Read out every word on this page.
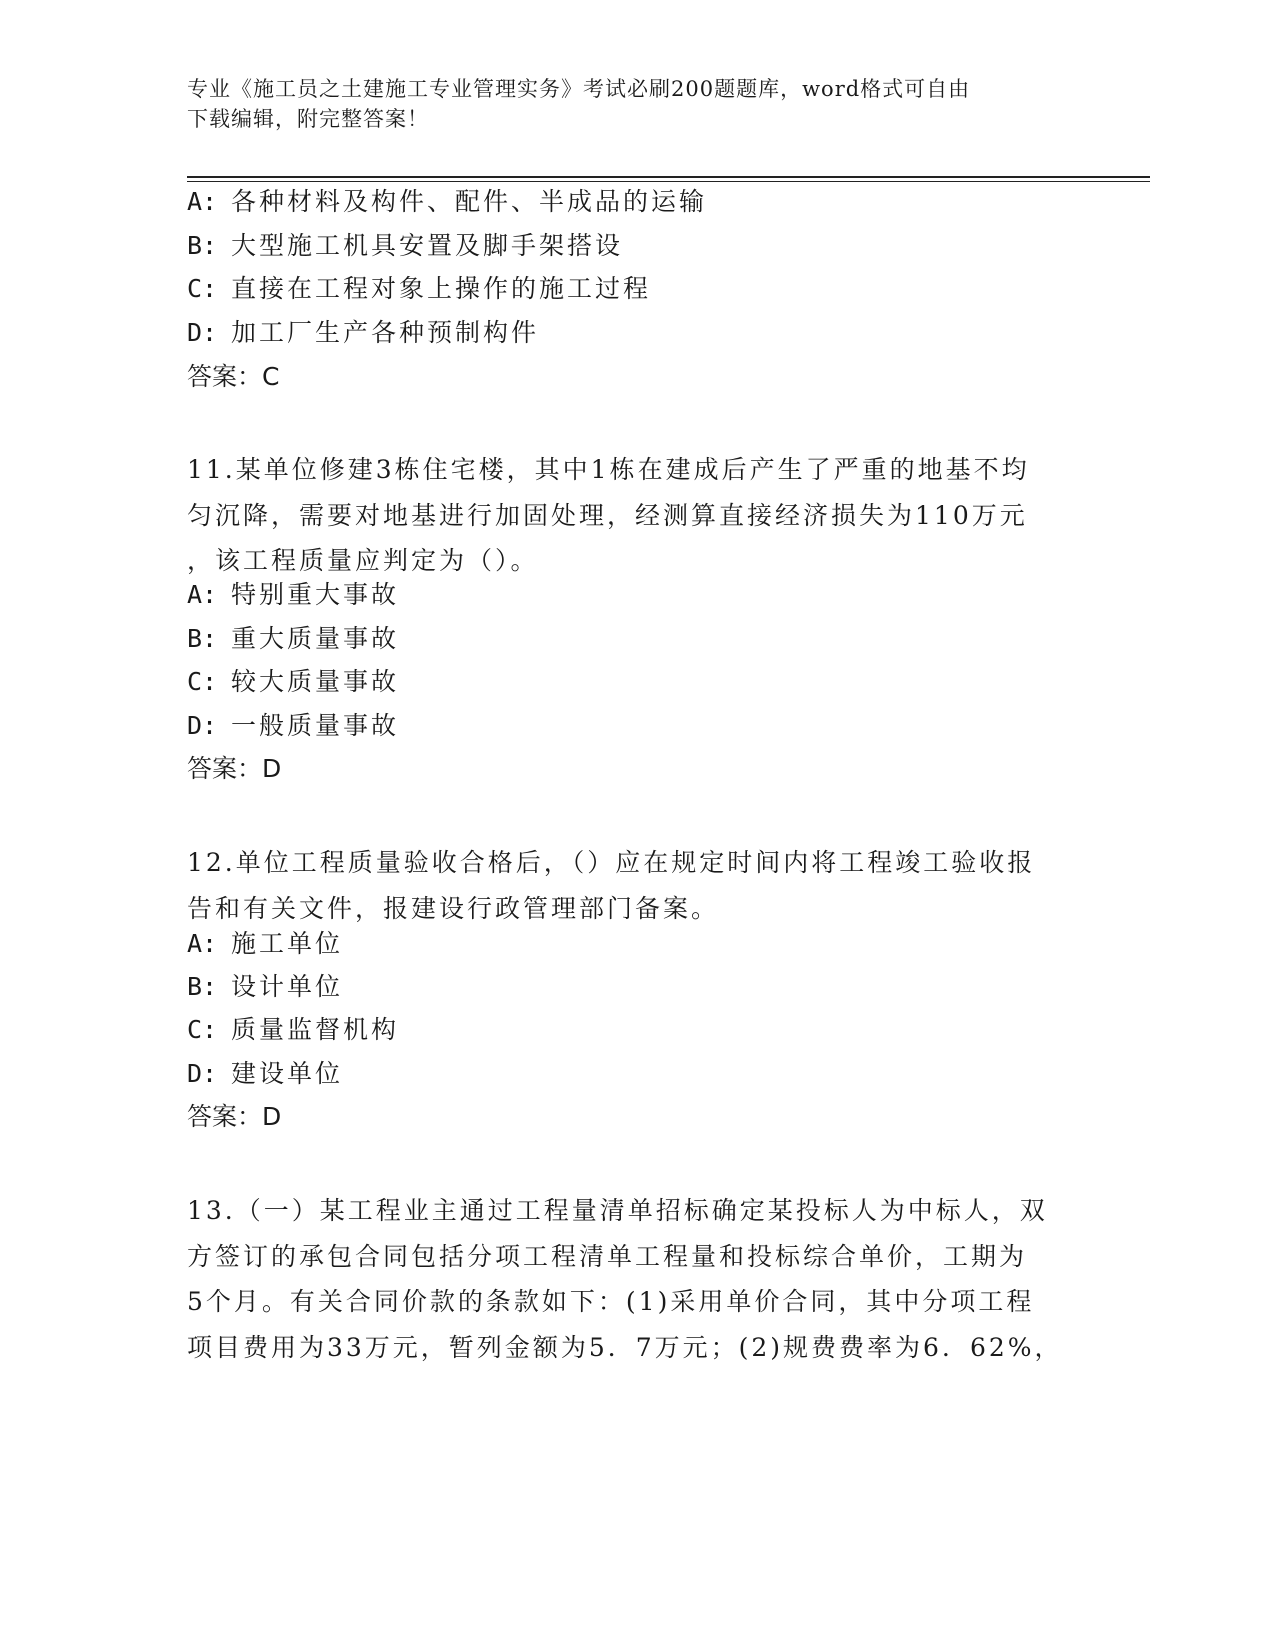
专业《施工员之土建施工专业管理实务》考试必刷200题题库，word格式可自由
下载编辑，附完整答案！
A: 各种材料及构件、配件、半成品的运输
B: 大型施工机具安置及脚手架搭设
C: 直接在工程对象上操作的施工过程
D: 加工厂生产各种预制构件
答案：C
11.某单位修建3栋住宅楼，其中1栋在建成后产生了严重的地基不均
匀沉降，需要对地基进行加固处理，经测算直接经济损失为110万元
，该工程质量应判定为（）。
A: 特别重大事故
B: 重大质量事故
C: 较大质量事故
D: 一般质量事故
答案：D
12.单位工程质量验收合格后，（）应在规定时间内将工程竣工验收报
告和有关文件，报建设行政管理部门备案。
A: 施工单位
B: 设计单位
C: 质量监督机构
D: 建设单位
答案：D
13.（一）某工程业主通过工程量清单招标确定某投标人为中标人，双
方签订的承包合同包括分项工程清单工程量和投标综合单价，工期为
5个月。有关合同价款的条款如下：(1)采用单价合同，其中分项工程
项目费用为33万元，暂列金额为5．7万元；(2)规费费率为6．62%，
